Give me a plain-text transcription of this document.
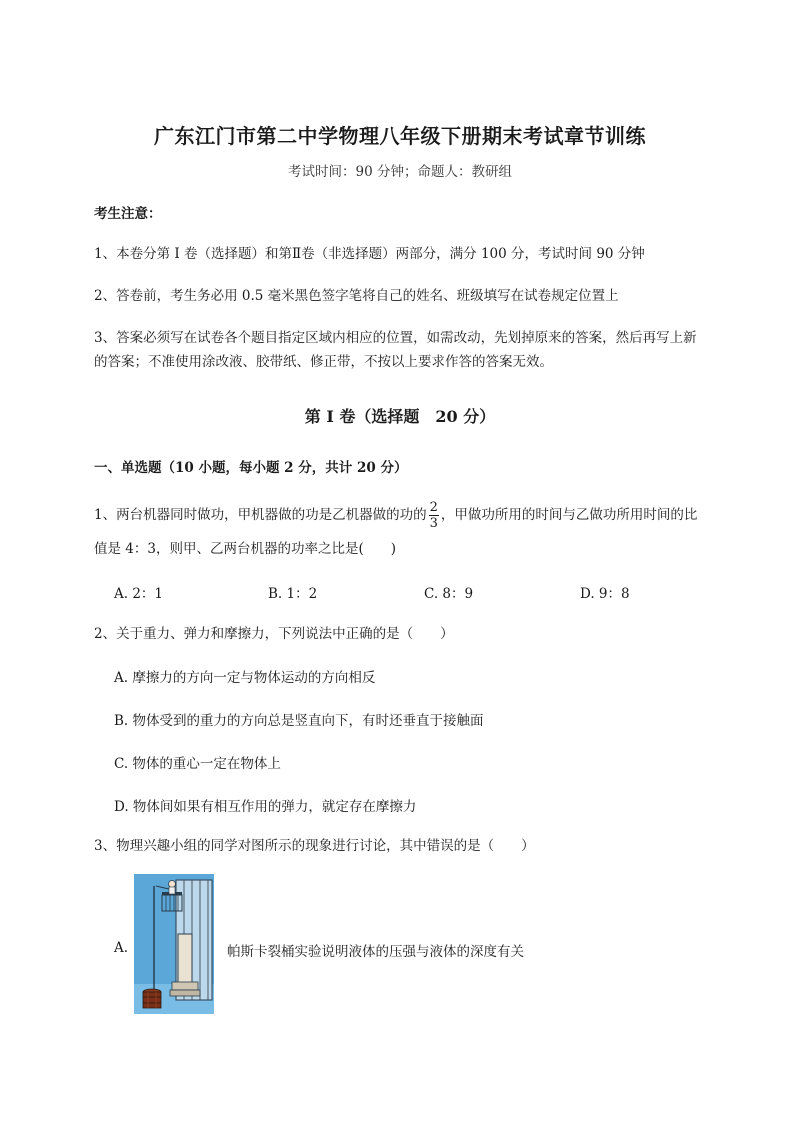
广东江门市第二中学物理八年级下册期末考试章节训练
考试时间：90 分钟；命题人：教研组
考生注意：
1、本卷分第 I 卷（选择题）和第Ⅱ卷（非选择题）两部分，满分 100 分，考试时间 90 分钟
2、答卷前，考生务必用 0.5 毫米黑色签字笔将自己的姓名、班级填写在试卷规定位置上
3、答案必须写在试卷各个题目指定区域内相应的位置，如需改动，先划掉原来的答案，然后再写上新
的答案；不准使用涂改液、胶带纸、修正带，不按以上要求作答的答案无效。
第 I 卷（选择题　20 分）
一、单选题（10 小题，每小题 2 分，共计 20 分）
1、两台机器同时做功，甲机器做的功是乙机器做的功的 $\frac{2}{3}$ ，甲做功所用的时间与乙做功所用时间的比
值是 4：3，则甲、乙两台机器的功率之比是(　　)
A. 2：1	B. 1：2	C. 8：9	D. 9：8
2、关于重力、弹力和摩擦力，下列说法中正确的是（　　）
A. 摩擦力的方向一定与物体运动的方向相反
B. 物体受到的重力的方向总是竖直向下，有时还垂直于接触面
C. 物体的重心一定在物体上
D. 物体间如果有相互作用的弹力，就定存在摩擦力
3、物理兴趣小组的同学对图所示的现象进行讨论，其中错误的是（　　）
A.	帕斯卡裂桶实验说明液体的压强与液体的深度有关
